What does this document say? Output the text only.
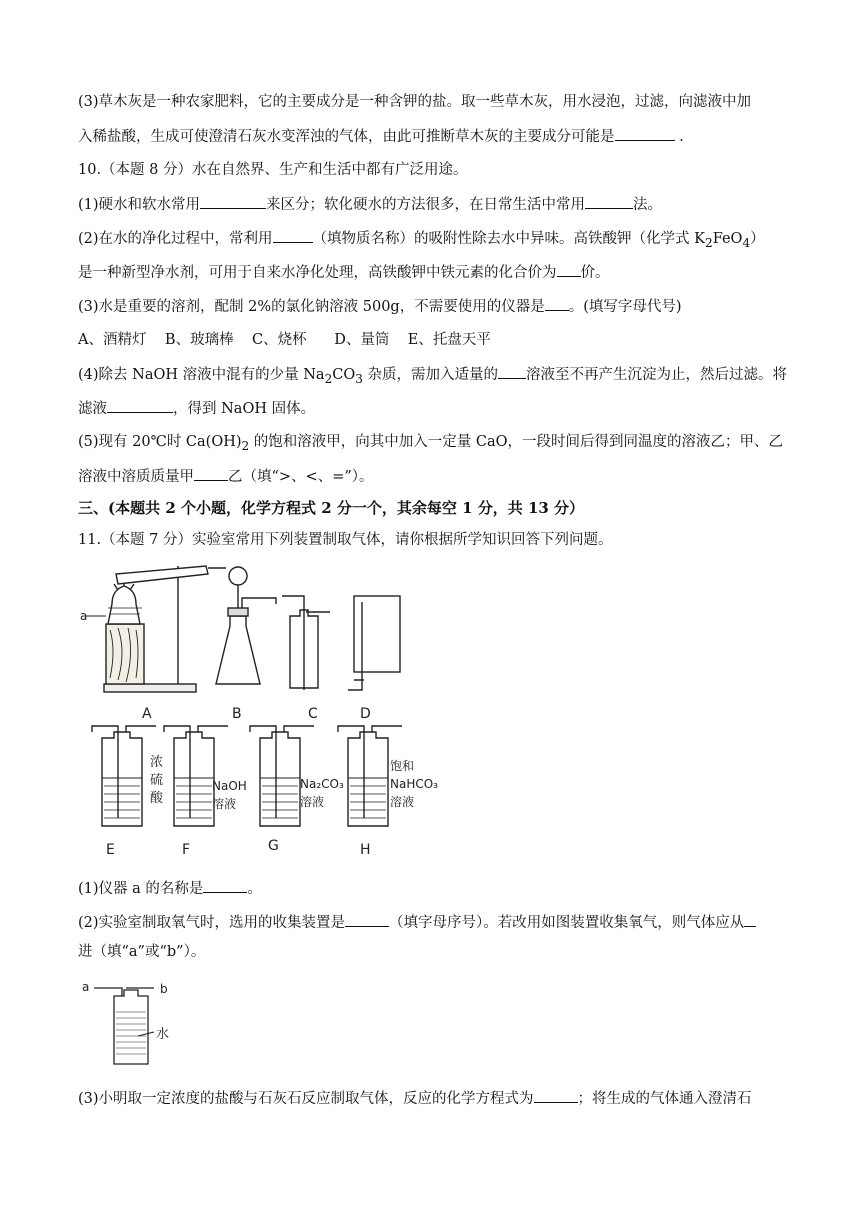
(3)草木灰是一种农家肥料，它的主要成分是一种含钾的盐。取一些草木灰，用水浸泡，过滤，向滤液中加
入稀盐酸，生成可使澄清石灰水变浑浊的气体，由此可推断草木灰的主要成分可能是	.
10.（本题 8 分）水在自然界、生产和生活中都有广泛用途。
(1)硬水和软水常用	来区分；软化硬水的方法很多，在日常生活中常用	法。
(2)在水的净化过程中，常利用	（填物质名称）的吸附性除去水中异味。高铁酸钾（化学式 $K_2FeO_4$）
是一种新型净水剂，可用于自来水净化处理，高铁酸钾中铁元素的化合价为 价。
(3)水是重要的溶剂，配制 2%的氯化钠溶液 500g，不需要使用的仪器是 。(填写字母代号)
A、酒精灯    B、玻璃棒    C、烧杯      D、量筒    E、托盘天平
(4)除去 NaOH 溶液中混有的少量 $Na_2CO_3$ 杂质，需加入适量的 溶液至不再产生沉淀为止，然后过滤。将
滤液	，得到 NaOH 固体。
(5)现有 20℃时 $Ca(OH)_2$ 的饱和溶液甲，向其中加入一定量 CaO，一段时间后得到同温度的溶液乙；甲、乙
溶液中溶质质量甲 乙（填“>、<、=”）。
三、(本题共 2 个小题，化学方程式 2 分一个，其余每空 1 分，共 13 分）
11.（本题 7 分）实验室常用下列装置制取气体，请你根据所学知识回答下列问题。
a
A	B	C	D
浓
硫
酸
E
NaOH
溶液
F
Na₂CO₃
溶液
G
饱和
NaHCO₃
溶液
H
(1)仪器 a 的名称是	。
(2)实验室制取氧气时，选用的收集装置是	（填字母序号）。若改用如图装置收集氧气，则气体应从
进（填“a”或“b”）。
a	b
水
(3)小明取一定浓度的盐酸与石灰石反应制取气体，反应的化学方程式为	；将生成的气体通入澄清石
